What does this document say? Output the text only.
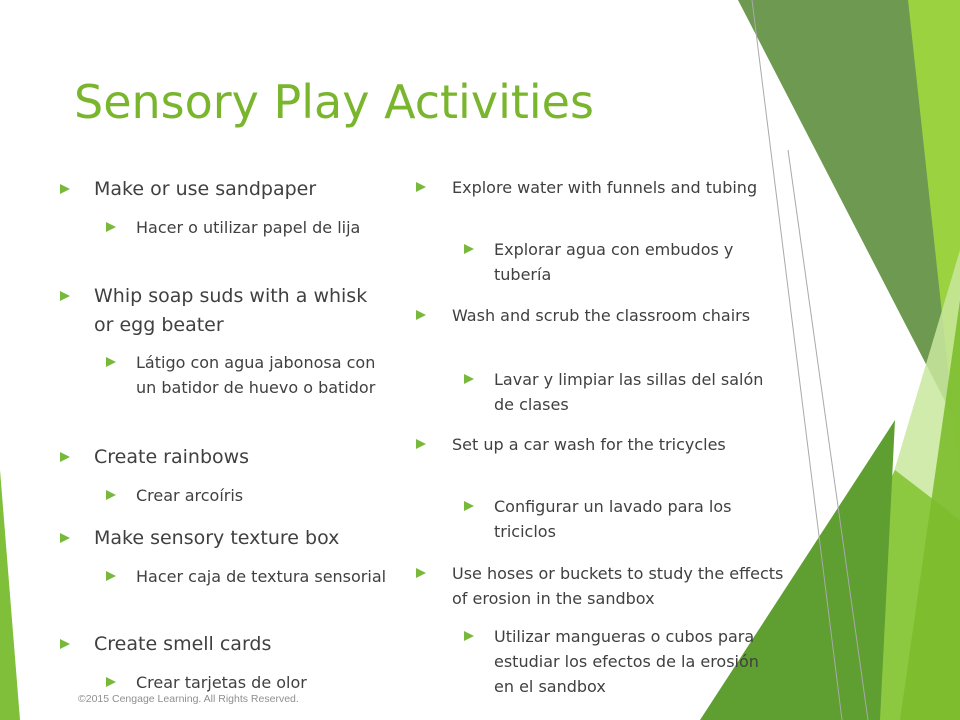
Sensory Play Activities
Make or use sandpaper
Hacer o utilizar papel de lija
Whip soap suds with a whisk or egg beater
Látigo con agua jabonosa con un batidor de huevo o batidor
Create rainbows
Crear arcoíris
Make sensory texture box
Hacer caja de textura sensorial
Create smell cards
Crear tarjetas de olor
Explore water with funnels and tubing
Explorar agua con embudos y tubería
Wash and scrub the classroom chairs
Lavar y limpiar las sillas del salón de clases
Set up a car wash for the tricycles
Configurar un lavado para los triciclos
Use hoses or buckets to study the effects of erosion in the sandbox
Utilizar mangueras o cubos para estudiar los efectos de la erosión en el sandbox
©2015 Cengage Learning. All Rights Reserved.
